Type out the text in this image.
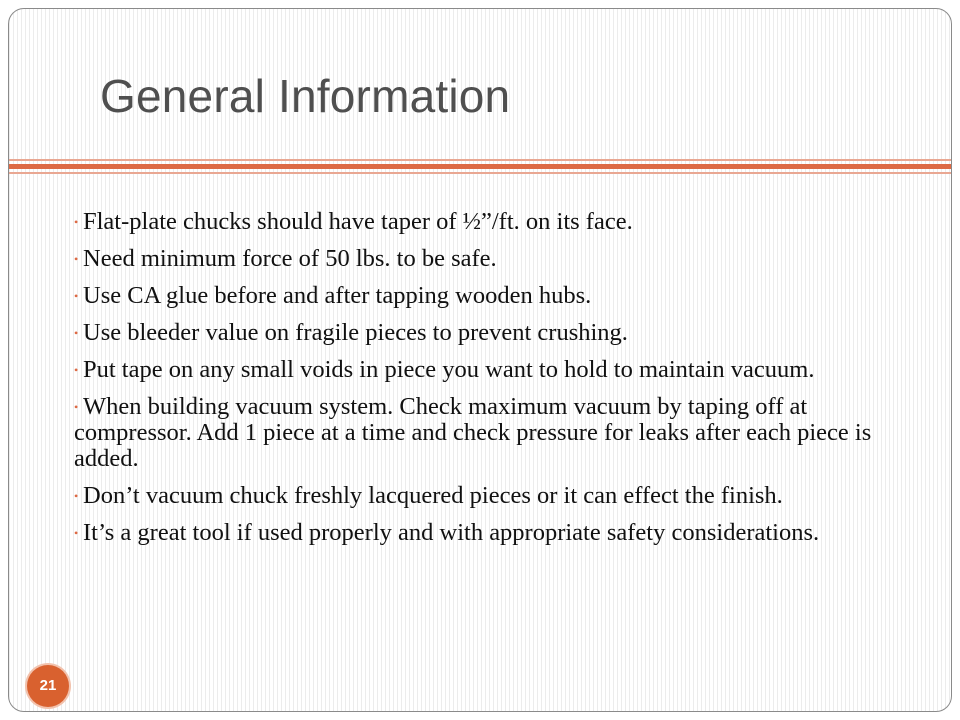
General Information
• Flat-plate chucks should have taper of ½”/ft. on its face.
• Need minimum force of 50 lbs. to be safe.
• Use CA glue before and after tapping wooden hubs.
• Use bleeder value on fragile pieces to prevent crushing.
• Put tape on any small voids in piece you want to hold to maintain vacuum.
• When building vacuum system. Check maximum vacuum by taping off at compressor. Add 1 piece at a time and check pressure for leaks after each piece is added.
• Don’t vacuum chuck freshly lacquered pieces or it can effect the finish.
• It’s a great tool if used properly and with appropriate safety considerations.
21
